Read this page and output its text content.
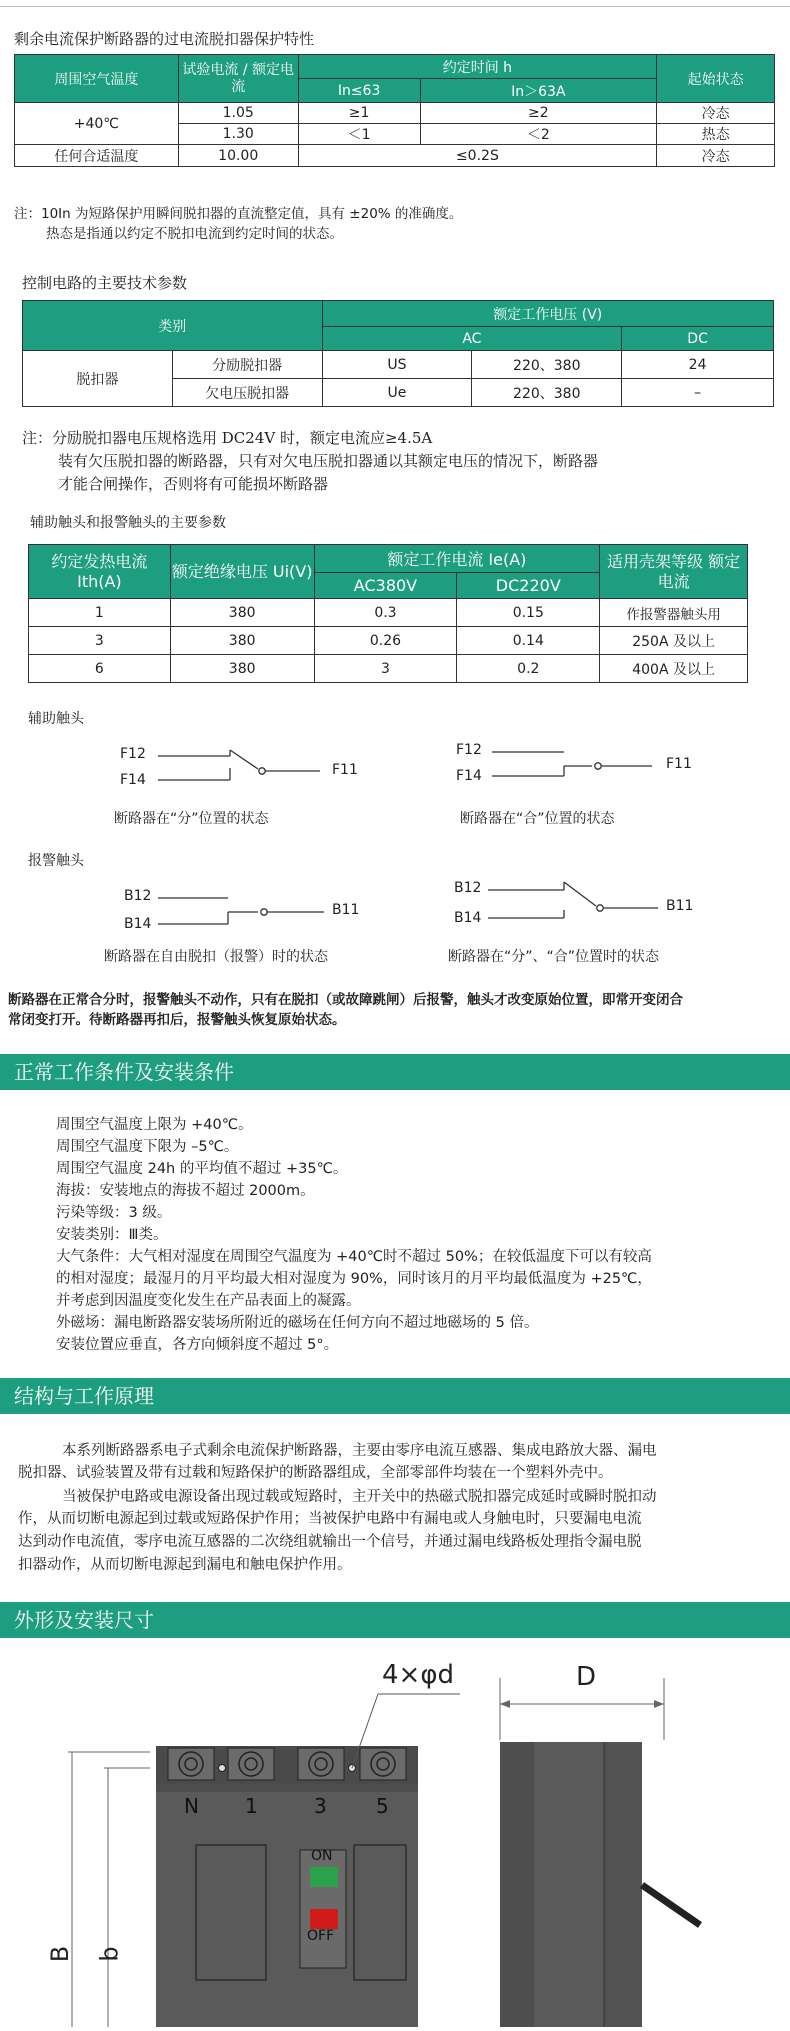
剩余电流保护断路器的过电流脱扣器保护特性
周围空气温度	试验电流 / 额定电流	约定时间 h		起始状态
		In≤63	In＞63A	
+40℃	1.05	≥1	≥2	冷态
	1.30	＜1	＜2	热态
任何合适温度	10.00	≤0.2S		冷态
注：10In 为短路保护用瞬间脱扣器的直流整定值，具有 ±20% 的准确度。
热态是指通以约定不脱扣电流到约定时间的状态。
控制电路的主要技术参数
类别		额定工作电压 (V)		
		AC		DC
脱扣器	分励脱扣器	US	220、380	24
	欠电压脱扣器	Ue	220、380	–
注：分励脱扣器电压规格选用 DC24V 时，额定电流应≥4.5A
装有欠压脱扣器的断路器，只有对欠电压脱扣器通以其额定电压的情况下，断路器
才能合闸操作，否则将有可能损坏断路器
辅助触头和报警触头的主要参数
约定发热电流 Ith(A)	额定绝缘电压 Ui(V)	额定工作电流 Ie(A)		适用壳架等级 额定电流
		AC380V	DC220V	
1	380	0.3	0.15	作报警器触头用
3	380	0.26	0.14	250A 及以上
6	380	3	0.2	400A 及以上
辅助触头
F12
F14
F11
断路器在“分”位置的状态
F12
F14
F11
断路器在“合”位置的状态
报警触头
B12
B14
B11
断路器在自由脱扣（报警）时的状态
B12
B14
B11
断路器在“分”、“合”位置时的状态
断路器在正常合分时，报警触头不动作，只有在脱扣（或故障跳闸）后报警，触头才改变原始位置，即常开变闭合
常闭变打开。待断路器再扣后，报警触头恢复原始状态。
正常工作条件及安装条件
周围空气温度上限为 +40℃。
周围空气温度下限为 –5℃。
周围空气温度 24h 的平均值不超过 +35℃。
海拔：安装地点的海拔不超过 2000m。
污染等级：3 级。
安装类别：Ⅲ类。
大气条件：大气相对湿度在周围空气温度为 +40℃时不超过 50%；在较低温度下可以有较高
的相对湿度；最湿月的月平均最大相对湿度为 90%，同时该月的月平均最低温度为 +25℃，
并考虑到因温度变化发生在产品表面上的凝露。
外磁场：漏电断路器安装场所附近的磁场在任何方向不超过地磁场的 5 倍。
安装位置应垂直，各方向倾斜度不超过 5°。
结构与工作原理
本系列断路器系电子式剩余电流保护断路器，主要由零序电流互感器、集成电路放大器、漏电
脱扣器、试验装置及带有过载和短路保护的断路器组成，全部零部件均装在一个塑料外壳中。
当被保护电路或电源设备出现过载或短路时，主开关中的热磁式脱扣器完成延时或瞬时脱扣动
作，从而切断电源起到过载或短路保护作用；当被保护电路中有漏电或人身触电时，只要漏电电流
达到动作电流值，零序电流互感器的二次绕组就输出一个信号，并通过漏电线路板处理指令漏电脱
扣器动作，从而切断电源起到漏电和触电保护作用。
外形及安装尺寸
4×φd	D
B b
N 1	3 5
ON
OFF
